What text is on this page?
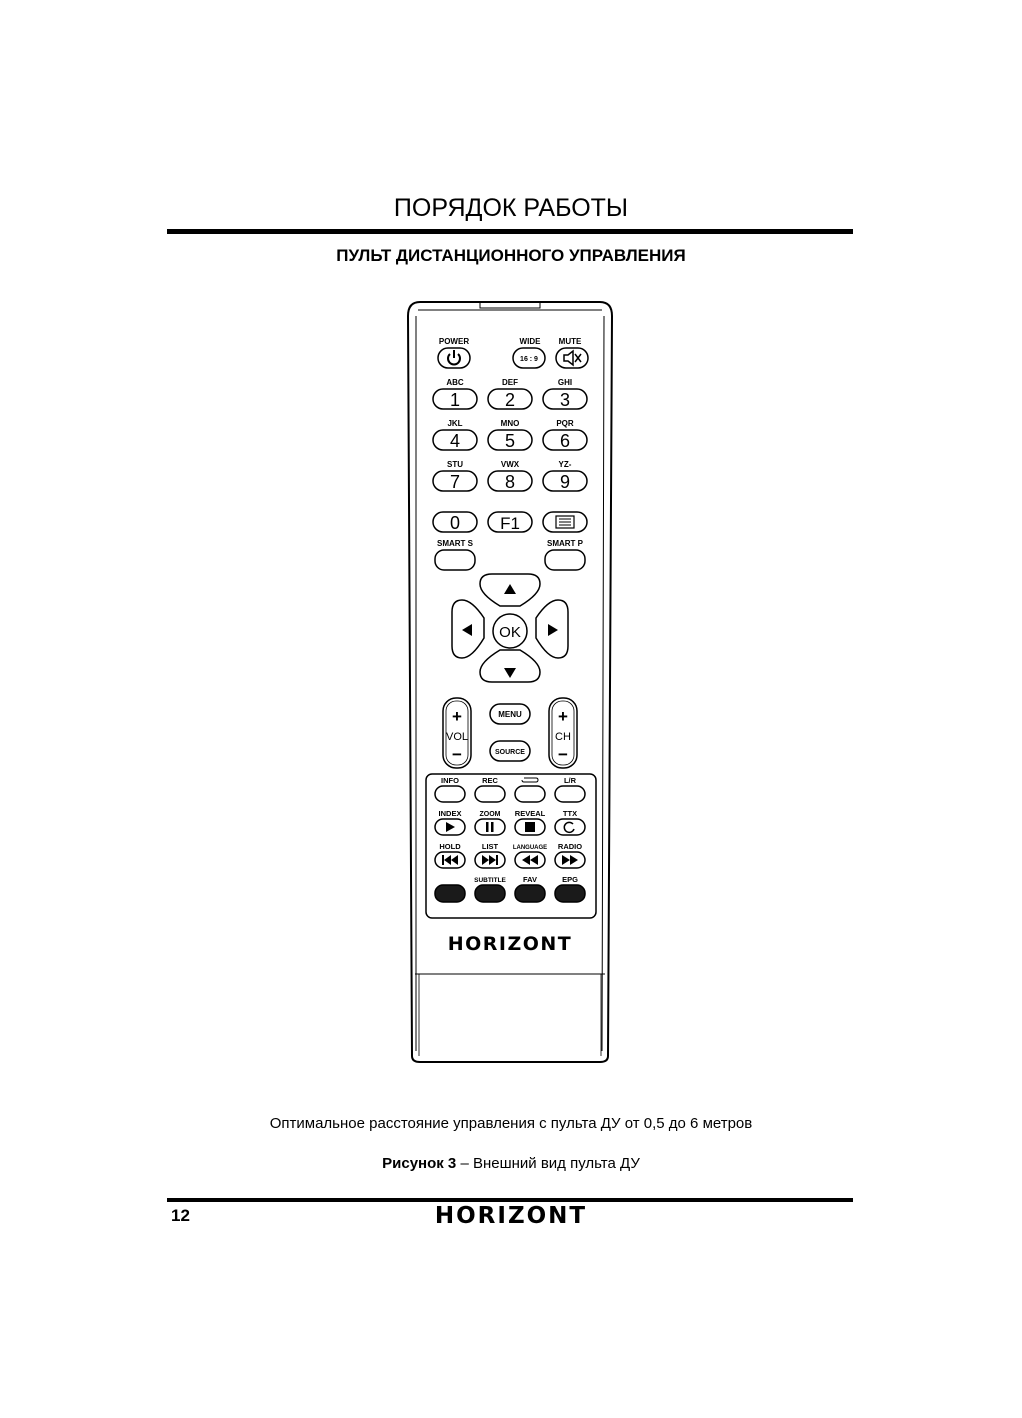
ПОРЯДОК РАБОТЫ
ПУЛЬТ ДИСТАНЦИОННОГО УПРАВЛЕНИЯ
POWER	WIDE MUTE
16 : 9
ABC
1
DEF
2
GHI
3
JKL
4
MNO
5
PQR
6
STU
7
VWX
8
YZ-
9
0 F1
SMART S	SMART P
OK
+
VOL
−
+
CH
−
MENU
SOURCE
INFO	REC	L/R
INDEX	ZOOM REVEAL TTX
HOLD	LIST LANGUAGE RADIO
SUBTITLE FAV	EPG
HORIZONT
Оптимальное расстояние управления с пульта ДУ от 0,5 до 6 метров
Рисунок 3 – Внешний вид пульта ДУ
12	HORIZONT
